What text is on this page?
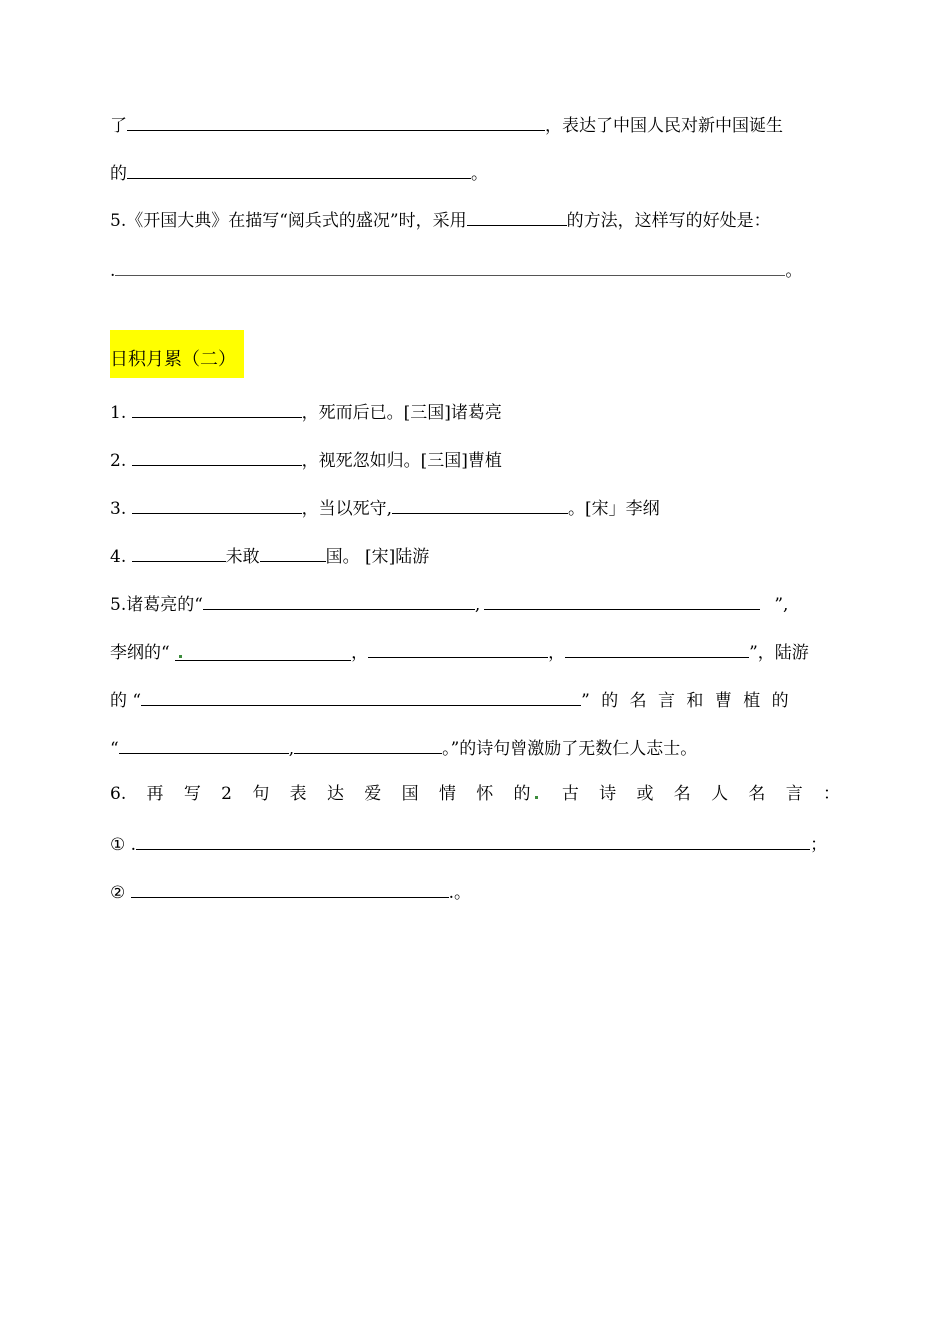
了	，表达了中国人民对新中国诞生
的	。
5.《开国大典》在描写“阅兵式的盛况”时，采用	的方法，这样写的好处是：
.	。
日积月累（二）
1.	，死而后已。[三国]诸葛亮
2.	，视死忽如归。[三国]曹植
3.	，当以死守,	。[宋」李纲
4.	未敢	国。 [宋]陆游
5.诸葛亮的“	,	”,
李纲的“	，	，	”，陆游
的 “	” 的 名 言 和 曹 植 的
“	,	。”的诗句曾激励了无数仁人志士。
6. 再 写 2 句 表 达 爱 国 情 怀 的	古 诗 或 名 人 名 言 ：
① .	；
②	.。
